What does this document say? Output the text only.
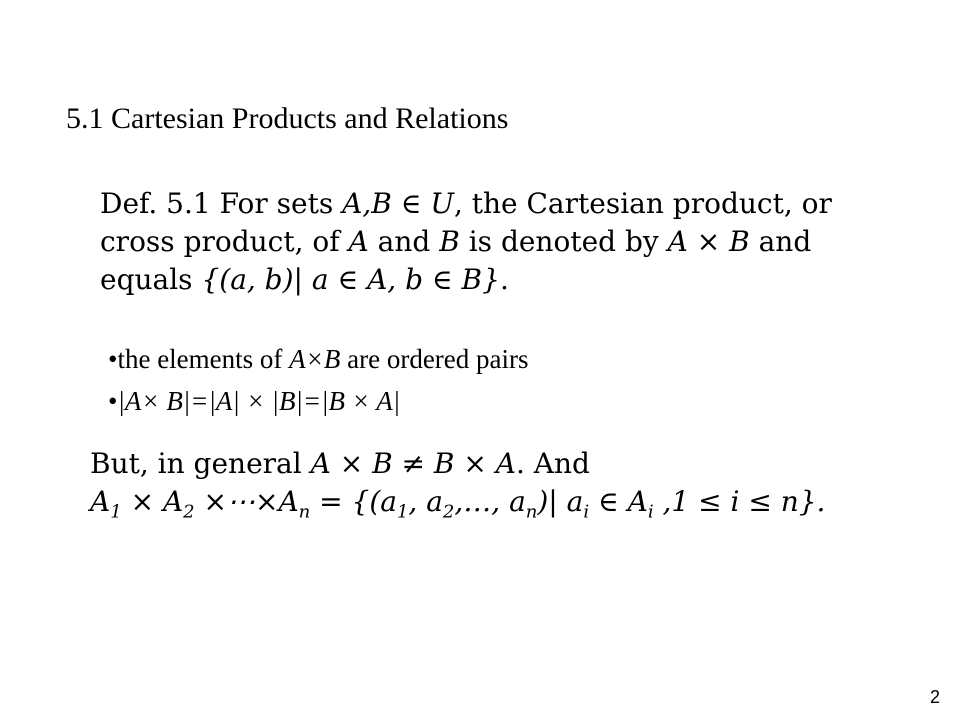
5.1 Cartesian Products and Relations
Def. 5.1 For sets A,B ∈ U, the Cartesian product, or
cross product, of A and B is denoted by A × B and
equals {(a, b)| a ∈ A, b ∈ B}.
•the elements of A×B are ordered pairs
•|A× B|=|A| × |B|=|B × A|
But, in general A × B ≠ B × A. And
$A_1 \times A_2$ $\times\cdots\times A_n = \{(a_1$, $a_2,\dots$, $a_n)|$ $a_i$ ∈ $A_i$ ,1 ≤ i ≤ n}.
2
